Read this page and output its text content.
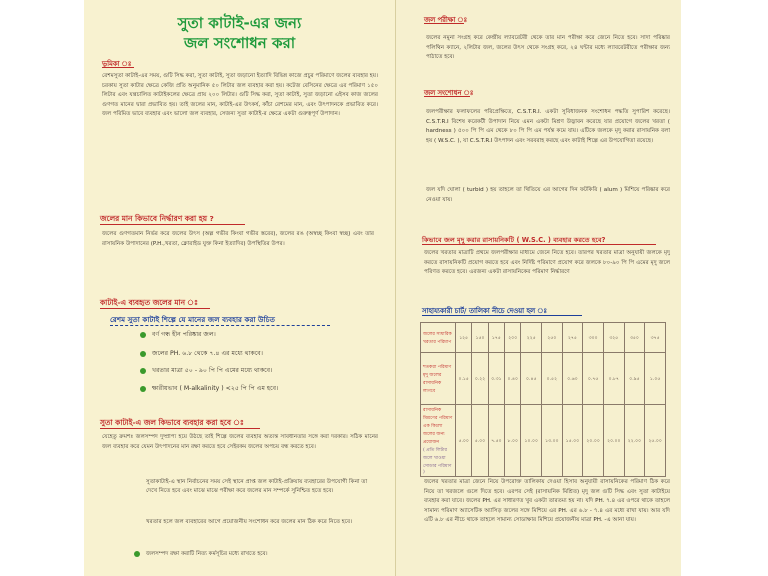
সুতা কাটাই-এর জন্য
জল সংশোধন করা
ভূমিকা ঃ
রেশমসুতা কাটাই-এর সময়, গুটি সিদ্ধ করা, সুতা কাটাই, সুতা জড়ানো ইত্যাদি বিভিন্ন কাজে প্রচুর পরিমাণে জলের ব্যবহার হয়। চরকায় সুতা কাটার ক্ষেত্রে কেজি প্রতি অনুমানিক ৫০ লিটার জল ব্যবহার করা হয়। কটেজ বেসিনের ক্ষেত্রে এর পরিমাণ ১৫০ লিটার এবং যন্ত্রচালিত কাটাইকলের ক্ষেত্রে প্রায় ২০০ লিটার। গুটি সিদ্ধ করা, সুতা কাটাই, সুতা জড়ানো এইসব কাজ জলের গুণগত মানের দ্বারা প্রভাবিত হয়। তাই জলের মান, কাটাই-এর উৎকর্ষ, কাঁচা রেশমের মান, এবং উৎপাদনকে প্রভাবিত করে। জল পরিমিত ভাবে ব্যবহার এবং ভালো জল ব্যবহার, সেজন্য সুতা কাটাই-র ক্ষেত্রে একটা গুরুত্বপূর্ণ উপাদান।
জলের মান কিভাবে নির্দ্ধারণ করা হয় ?
জলের গুণগতমান নির্ভর করে জলের উৎস (অল্প গভীর কিংবা গভীর স্তরের), জলের রঙ (অস্বচ্ছ কিংবা স্বচ্ছ) এবং তার রাসায়নিক উপাদানের (P.H.,খরতা, ক্লোরাইড যুক্ত কিনা ইত্যাদির) উপস্থিতির উপর।
কাটাই-এ ব্যবহৃত জলের মান ঃ
রেশম সুতা কাটাই শিল্পে যে মানের জল ব্যবহার করা উচিত
বর্ণ গন্ধ হীন পরিষ্কার জল।
জলের PH. ৬.৮ থেকে ৭.৪ এর মধ্যে থাকবে।
খরতার মাত্রা ৫০ - ৯০ পি পি এমের মধ্যে থাকবে।
ক্ষারীয়ভাব ( M-alkalinity ) <২৫ পি পি এম হবে।
সুতা কাটাই-এ জল কিভাবে ব্যবহার করা হবে ঃ
যেহেতু ক্রমশঃ জলসম্পদ দুষ্প্রাপ্য হয়ে উঠছে তাই শিল্পে জলের ব্যবহার অত্যন্ত সাবধানতার সঙ্গে করা দরকার। সঠিক মানের জল ব্যবহার করে যেমন উৎপাদনের মান রক্ষা করতে হবে সেইরকম জলের অপচয় বন্ধ করতে হবে।
সুতাকাটাই-এ স্থান নির্বাচনের সময় সেই স্থানে প্রাপ্ত জল কাটাই-প্রক্রিয়ায় ব্যবহারের উপযোগী কিনা তা দেখে নিতে হবে এবং মাঝে মাঝে পরীক্ষা করে জলের মান সম্পর্কে সুনিশ্চিত হতে হবে।
খরতার হলে জল ব্যবহারের আগে প্রয়োজনীয় সংশোধন করে জলের মান ঠিক করে নিতে হবে।
জলসম্পদ রক্ষা করাটি নিত্য কর্মসূচির মধ্যে রাখতে হবে।
জল পরীক্ষা ঃ
জলের নমুনা সংগ্রহ করে কেন্দ্রীয় ল্যাবরেটরী থেকে তার মান পরীক্ষা করে জেনে নিতে হবে। সাদা পরিষ্কার পলিথিন ক্যানে, ২লিটার জল, জলের উৎস থেকে সংগ্রহ করে, ২৪ ঘন্টার মধ্যে ল্যাবরেটরীতে পরীক্ষার জন্য পাঠাতে হবে।
জল সংশোধন ঃ
জলপরীক্ষার ফলাফলের পরিপ্রেক্ষিতে, C.S.T.R.I. একটা সুবিধাজনক সংশোধন পদ্ধতি সুপারিশ করেছে। C.S.T.R.I বিশেষ করেকটী উপাদান নিয়ে এমন একটা মিশ্রণ উদ্ভাবন করেছে যার প্রয়োগে জলের খরতা ( hardness ) ৫০০ পি পি এম থেকে ৮০ পি পি এম পর্যন্ত কমে যায়। এটিকে জলকে মৃদু করার রাসায়নিক বলা হয় ( W.S.C. ), যা C.S.T.R.I উৎপাদন এবং সরবরাহ করছে এবং কাটাই শিল্পে এর উপযোগিতা রয়েছে।
জল যদি ঘোলা ( turbid ) হয় তাহলে তা থিতিয়ে এর আগের দিন ফটকিরি ( alum ) মিশিয়ে পরিষ্কার করে নেওয়া যায়।
কিভাবে জল মৃদু করার রাসায়নিকটি ( W.S.C. ) ব্যবহার করতে হবে?
জলের খরতার মাত্রাটি প্রথমে জলপরীক্ষার মাধ্যমে জেনে নিতে হবে। তারপর খরতার মাত্রা অনুযায়ী জলকে মৃদু করতে রাসায়নিকটি প্রয়োগ করতে হবে এবং নির্দিষ্ট পরিমাণে প্রয়োগ করে জলকে ৮০-৯০ পি পি এমের মৃদু জলে পরিণত করতে হবে। এরজন্য একটা রাসায়নিকের পরিমাণ নির্দ্ধারণে
সাহায্যকারী চার্ট/ তালিকা নীচে দেওয়া হল ঃ
জলের সাধারিক খরতার পরিমাপ	১২৫	১৫০	১৭৫	২০০	২২৫	২৫০	২৭৫	৩০০	৩২৫	৩৫০	৩৭৫
শতকরা পরিমাণ মৃদু জলের রাসায়নিক লাগবে	০.১৫	০.২২	০.৩১	০.৪০	০.৪৫	০.৫২	০.৬০	০.৭৫	০.৮৭	০.৯৫	১.০৫
রাসায়নিক মিশ্রণের পরিমাণ এক কিলো জলের জন্য প্রয়োজন
( প্রতি লিটার জলে খাওয়া সোডার পরিমাণ )	৫.০০	৫.০০	৭.৫০	৮.০০	১০.০০	১৩.০০	১৫.০০	২০.০০	২০.০০	২২.০০	২৫.০০
জলের খরতার মাত্রা জেনে নিয়ে উপরোক্ত তালিকায় দেওয়া হিসাব অনুযায়ী রাসায়নিকের পরিমাণ ঠিক করে নিয়ে তা খরজলে গুলে দিতে হবে। এরপর সেই (রাসায়নিক মিশ্রিত) মৃদু জল গুটি সিদ্ধ এবং সুতা কাটাইয়ে ব্যবহার করা যাবে। জলের PH. এর সাধারণত খুব একটা তারতম্য হয় না। যদি PH. ৭.৪ এর ওপরে থাকে তাহলে সামান্য পরিমাণ অ্যাসেটিক অ্যাসিড় জলের সঙ্গে মিশিয়ে এর PH. এর ৬.৮ - ৭.৪ এর মধ্যে রাখা যায়। আর যদি এটি ৬.৮ এর নীচে থাকে তাহলে সামান্য সোডাক্ষার মিশিয়ে প্রয়োজনীয় মাত্রা PH. -এ আনা যায়।
